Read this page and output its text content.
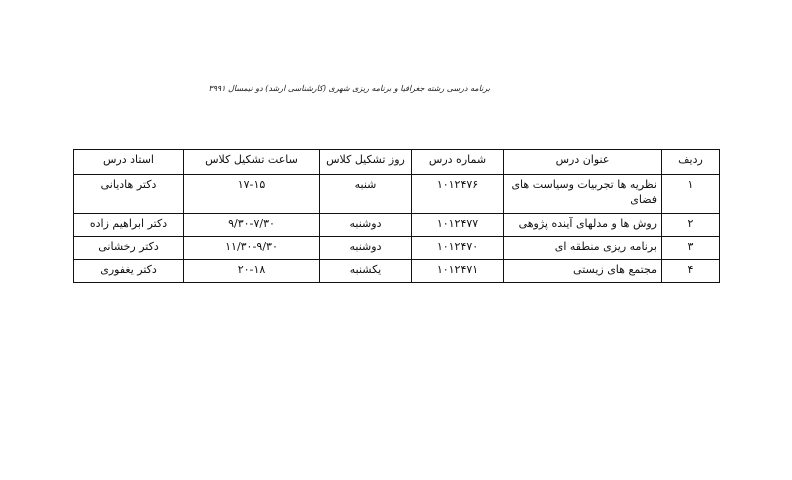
برنامه درسی رشته جغرافیا و برنامه ریزی شهری (کارشناسی ارشد) دو نیمسال ۳۹۹۱
ردیف	عنوان درس	شماره درس	روز تشکیل کلاس	ساعت تشکیل کلاس	استاد درس
۱	نظریه ها تجربیات وسیاست های فضای	۱۰۱۲۴۷۶	شنبه	۱۷-۱۵	دکتر هادیانی
۲	روش ها و مدلهای آینده پژوهی	۱۰۱۲۴۷۷	دوشنبه	۹/۳۰-۷/۳۰	دکتر ابراهیم زاده
۳	برنامه ریزی منطقه ای	۱۰۱۲۴۷۰	دوشنبه	۱۱/۳۰-۹/۳۰	دکتر رخشانی
۴	مجتمع های زیستی	۱۰۱۲۴۷۱	یکشنبه	۲۰-۱۸	دکتر یغفوری
